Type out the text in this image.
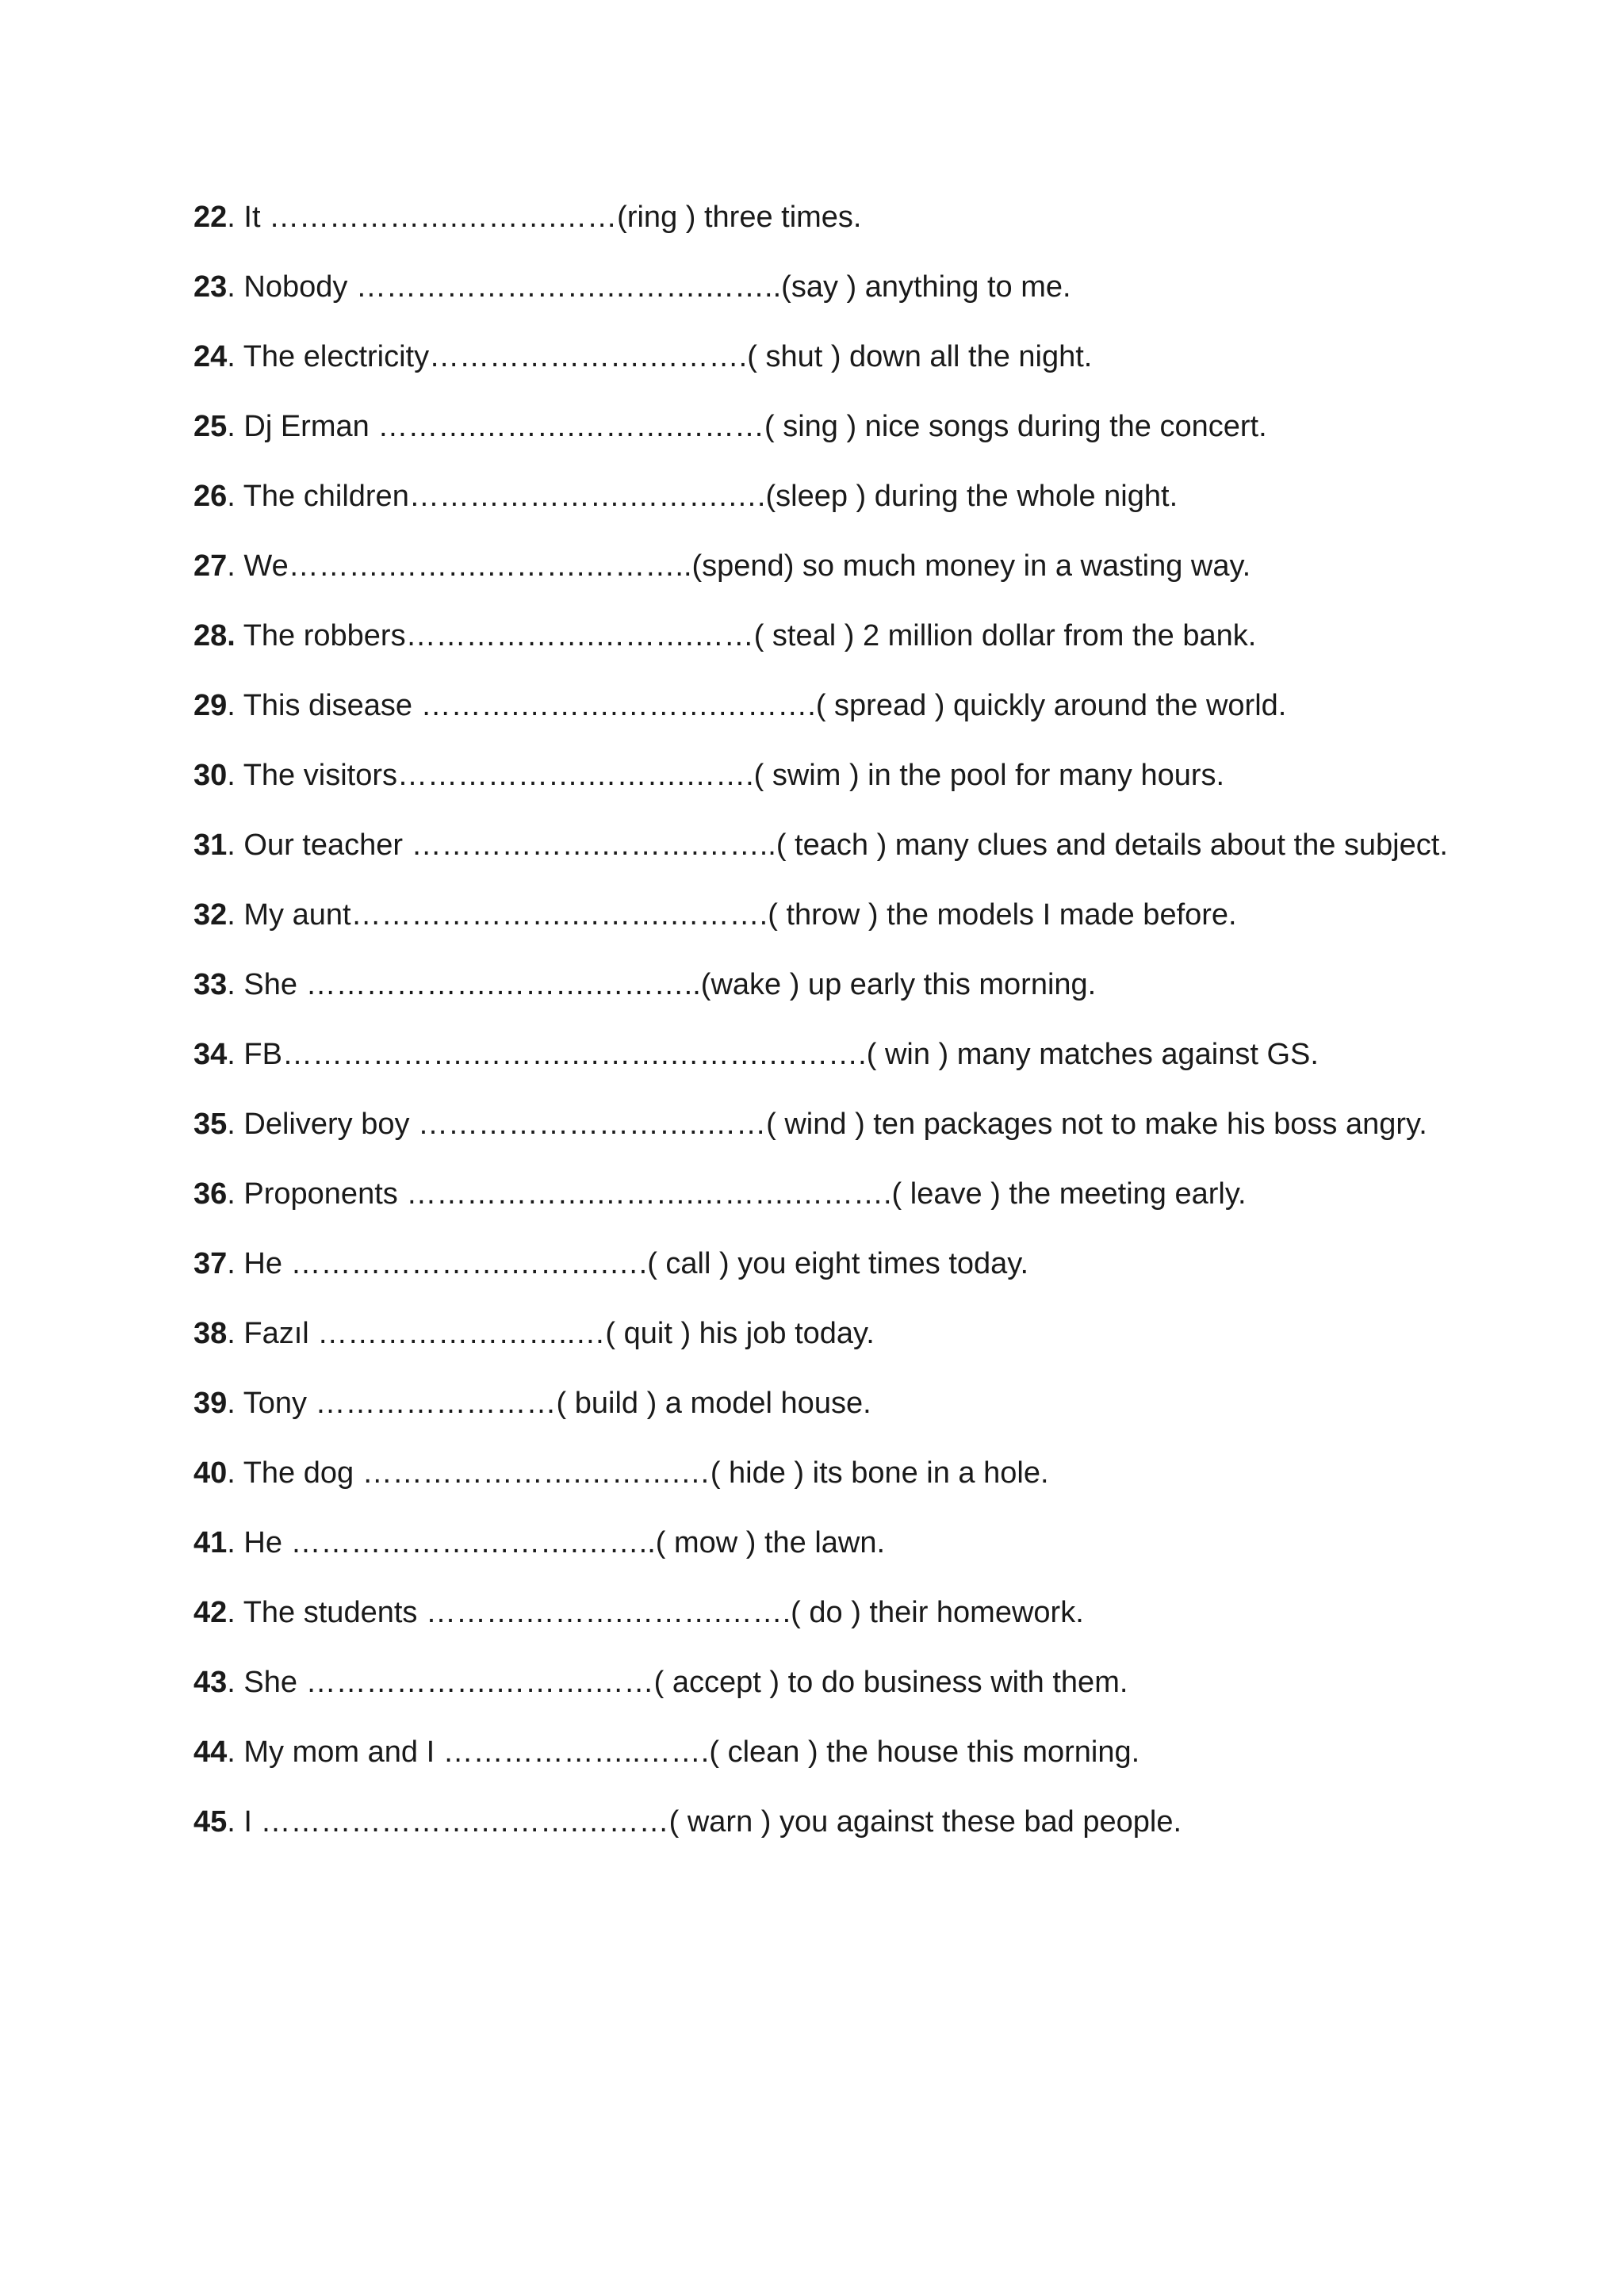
22. It ……………….……….……(ring ) three times.
23. Nobody …………………….……….……..(say ) anything to me.
24. The electricity………………….……….( shut ) down all the night.
25. Dj Erman ……….……….……….………( sing ) nice songs during the concert.
26. The children………………….……….….(sleep ) during the whole night.
27. We……….……….……….………..(spend) so much money in a wasting way.
28. The robbers……………….……….……( steal ) 2 million dollar from the bank.
29. This disease ……….……….……….……….( spread ) quickly around the world.
30. The visitors……………….……….…….( swim ) in the pool for many hours.
31. Our teacher ……………….……….……..( teach ) many clues and details about the subject.
32. My aunt………………….……….……….( throw ) the models I made before.
33. She ……………….……….………..(wake ) up early this morning.
34. FB……………….……….……….……….……….( win ) many matches against GS.
35. Delivery boy ………………………..……( wind ) ten packages not to make his boss angry.
36. Proponents ……………….……….……….……….( leave ) the meeting early.
37. He ………………….……….….( call ) you eight times today.
38. Fazıl ……………………..…( quit ) his job today.
39. Tony ……………………( build ) a model house.
40. The dog ………………….……….…( hide ) its bone in a hole.
41. He ……………….……….……..( mow ) the lawn.
42. The students ……….……….……….…….( do ) their homework.
43. She ……………….……….……( accept ) to do business with them.
44. My mom and I ………………..…….( clean ) the house this morning.
45. I ………………….……….………( warn ) you against these bad people.
